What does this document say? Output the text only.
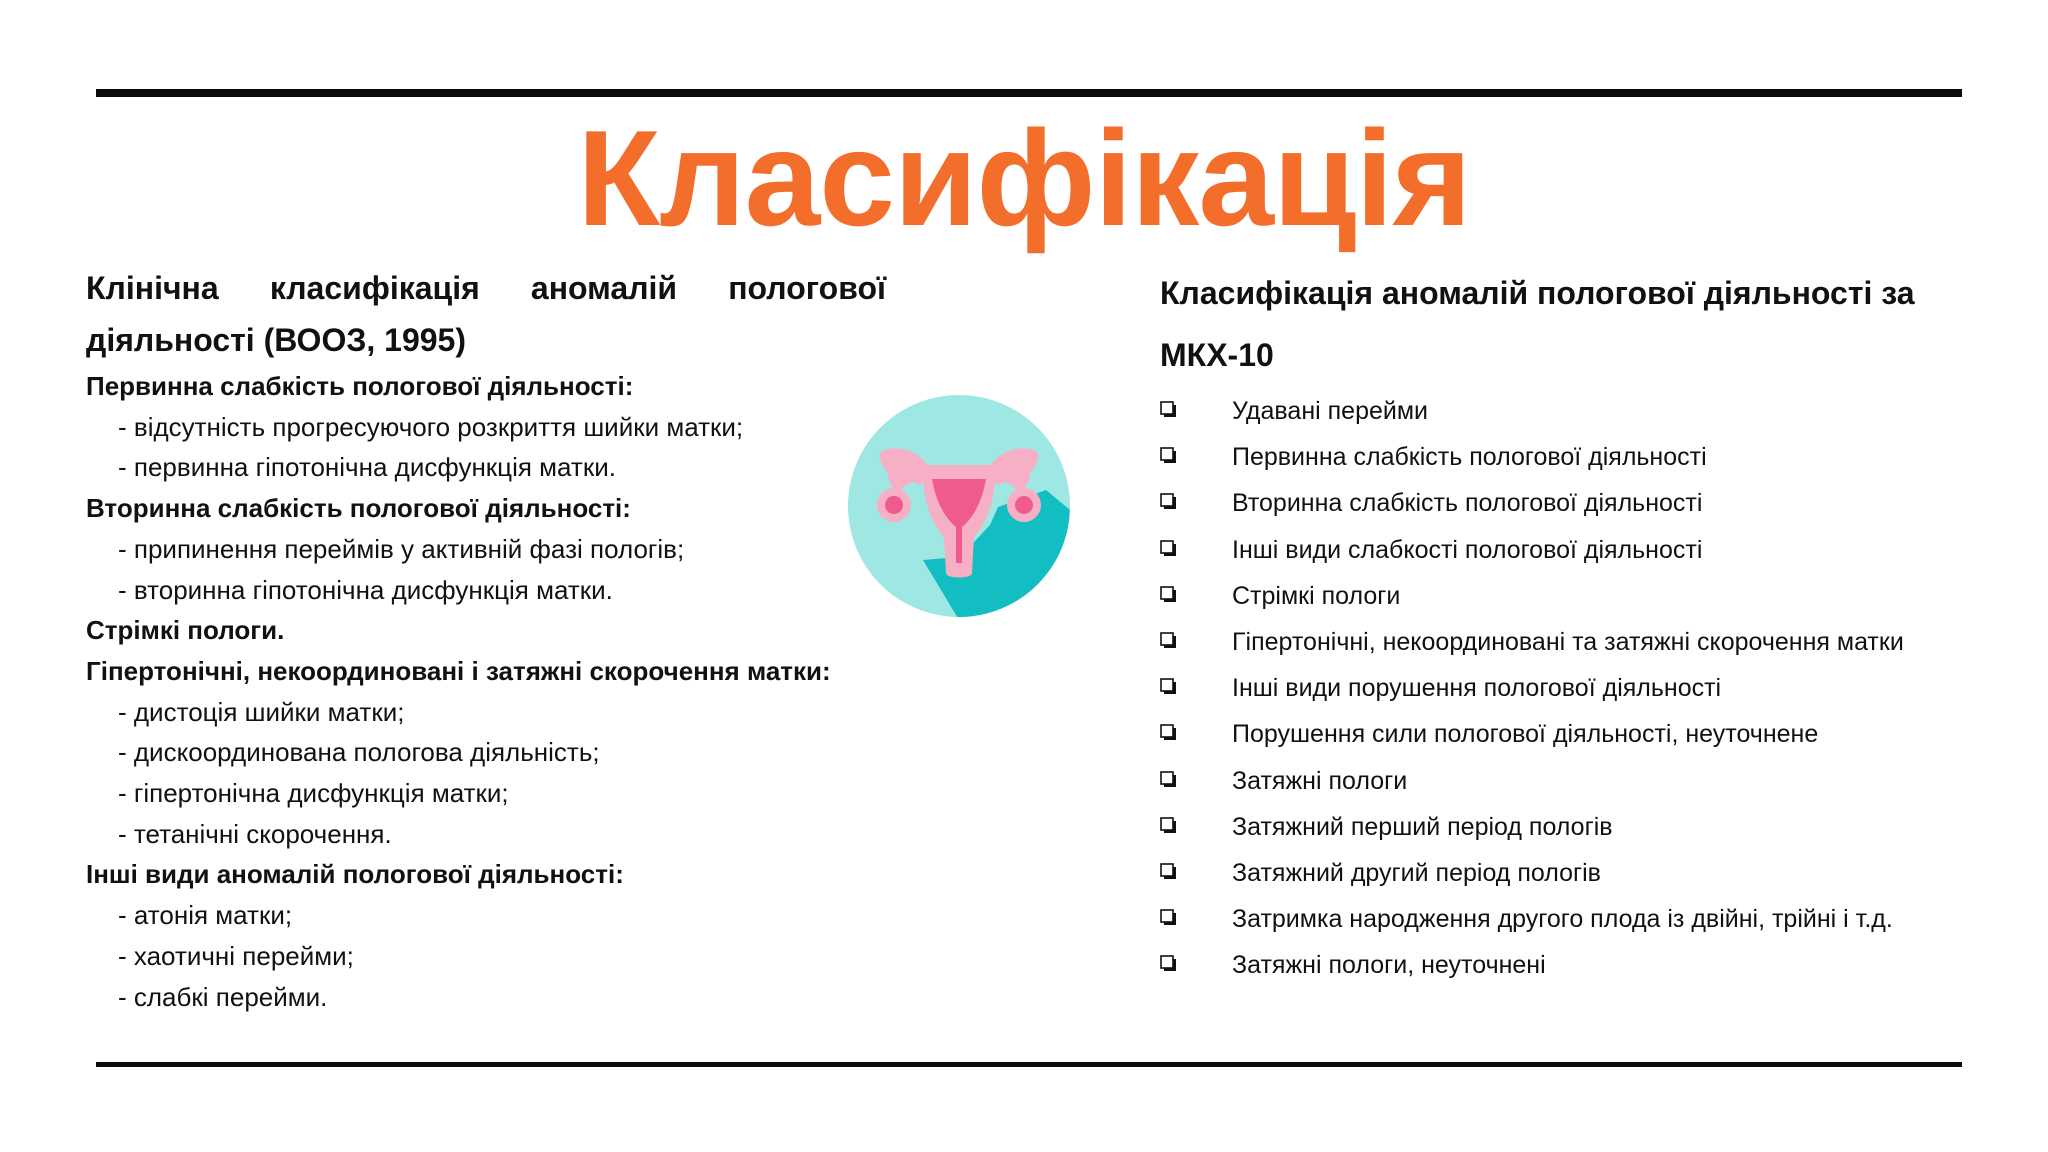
Класифікація
Клінічна класифікація аномалій пологової діяльності (ВООЗ, 1995)
Первинна слабкість пологової діяльності:
- відсутність прогресуючого розкриття шийки матки;
- первинна гіпотонічна дисфункція матки.
Вторинна слабкість пологової діяльності:
- припинення переймів у активній фазі пологів;
- вторинна гіпотонічна дисфункція матки.
Стрімкі пологи.
Гіпертонічні, некоординовані і затяжні скорочення матки:
- дистоція шийки матки;
- дискоординована пологова діяльність;
- гіпертонічна дисфункція матки;
- тетанічні скорочення.
Інші види аномалій пологової діяльності:
- атонія матки;
- хаотичні перейми;
- слабкі перейми.
Класифікація аномалій пологової діяльності за МКХ-10
Удавані перейми
Первинна слабкість пологової діяльності
Вторинна слабкість пологової діяльності
Інші види слабкості пологової діяльності
Стрімкі пологи
Гіпертонічні, некоординовані та затяжні скорочення матки
Інші види порушення пологової діяльності
Порушення сили пологової діяльності, неуточнене
Затяжні пологи
Затяжний перший період пологів
Затяжний другий період пологів
Затримка народження другого плода із двійні, трійні і т.д.
Затяжні пологи, неуточнені
